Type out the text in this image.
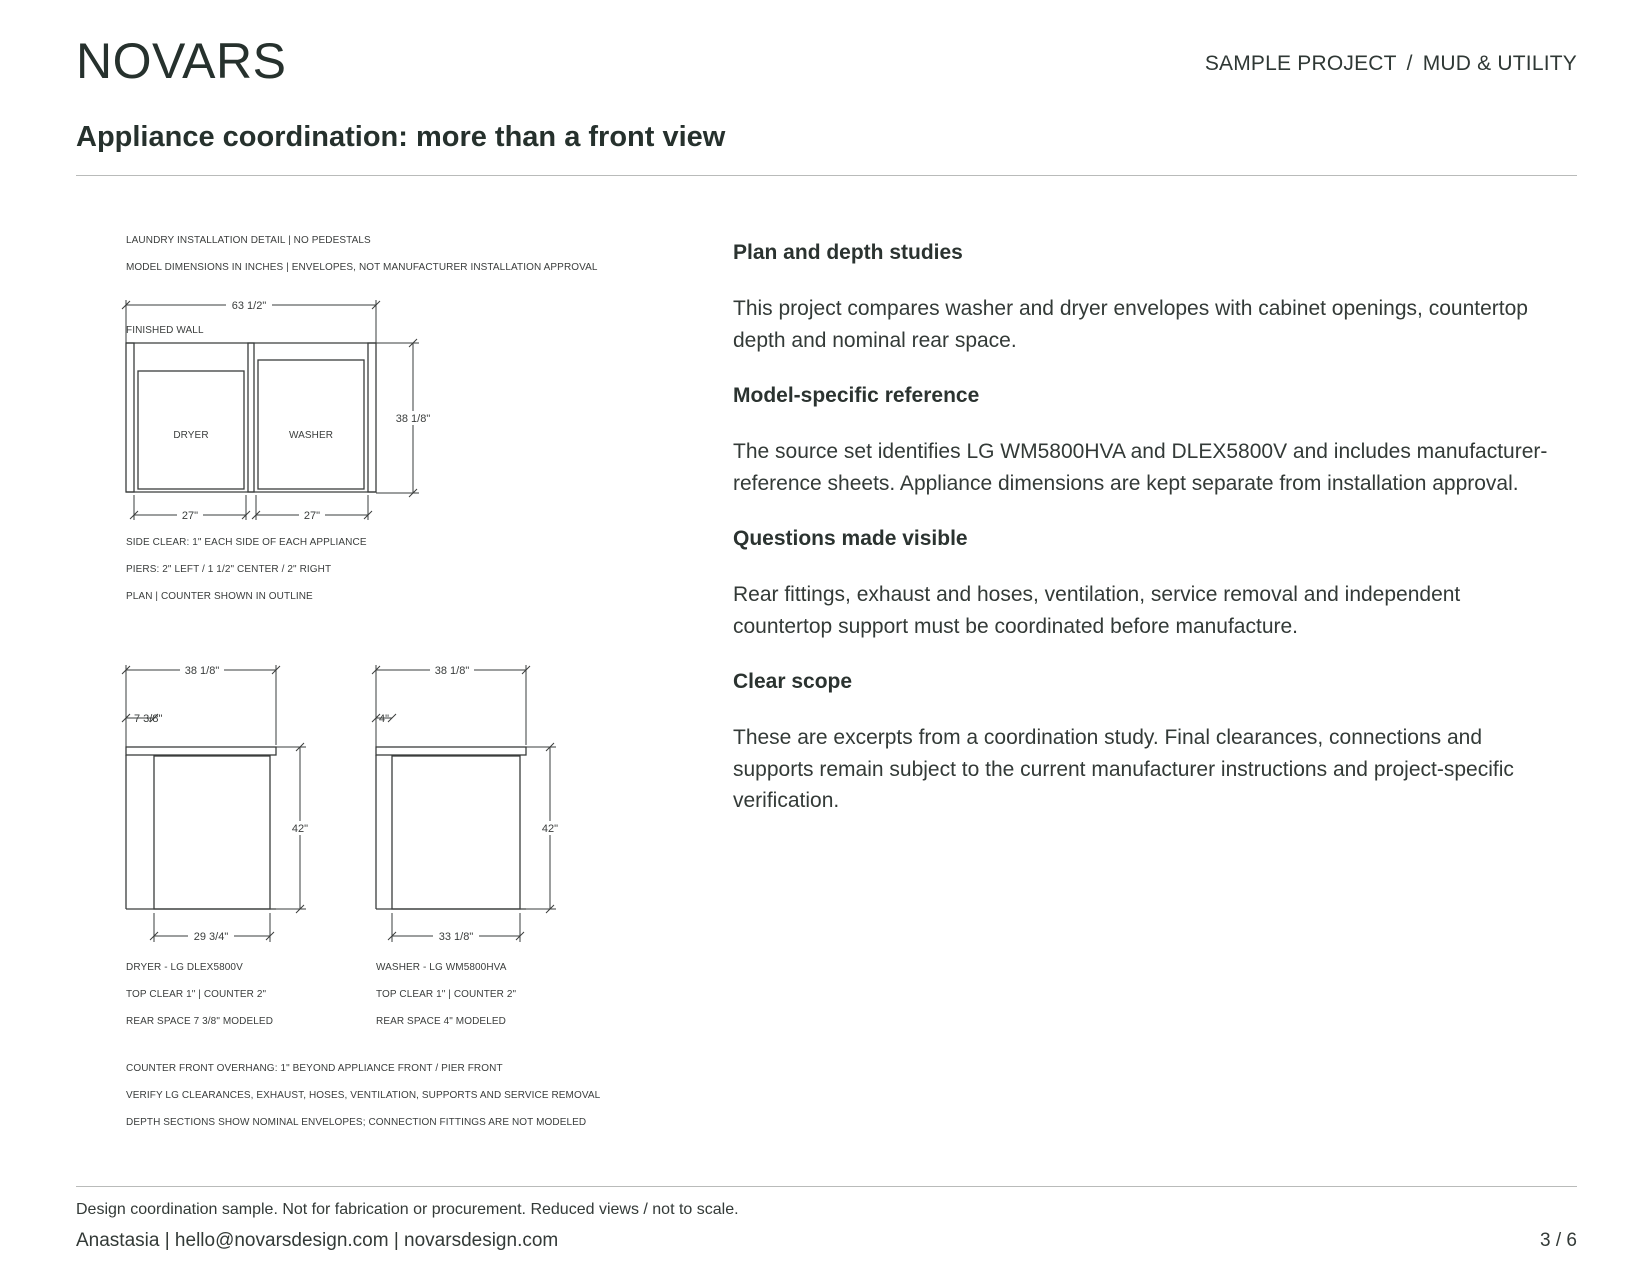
NOVARS	SAMPLE PROJECT / MUD & UTILITY
Appliance coordination: more than a front view
LAUNDRY INSTALLATION DETAIL | NO PEDESTALS
MODEL DIMENSIONS IN INCHES | ENVELOPES, NOT MANUFACTURER INSTALLATION APPROVAL
63 1/2"
FINISHED WALL
DRYER	WASHER
38 1/8"
27"	27"
SIDE CLEAR: 1" EACH SIDE OF EACH APPLIANCE
PIERS: 2" LEFT / 1 1/2" CENTER / 2" RIGHT
PLAN | COUNTER SHOWN IN OUTLINE
38 1/8"
7 3/8"
42"
29 3/4"
DRYER - LG DLEX5800V
TOP CLEAR 1" | COUNTER 2"
REAR SPACE 7 3/8" MODELED
38 1/8"
4"
42"
33 1/8"
WASHER - LG WM5800HVA
TOP CLEAR 1" | COUNTER 2"
REAR SPACE 4" MODELED
COUNTER FRONT OVERHANG: 1" BEYOND APPLIANCE FRONT / PIER FRONT
VERIFY LG CLEARANCES, EXHAUST, HOSES, VENTILATION, SUPPORTS AND SERVICE REMOVAL
DEPTH SECTIONS SHOW NOMINAL ENVELOPES; CONNECTION FITTINGS ARE NOT MODELED
Plan and depth studies

This project compares washer and dryer envelopes with cabinet openings, countertop depth and nominal rear space.

Model-specific reference

The source set identifies LG WM5800HVA and DLEX5800V and includes manufacturer-reference sheets. Appliance dimensions are kept separate from installation approval.

Questions made visible

Rear fittings, exhaust and hoses, ventilation, service removal and independent countertop support must be coordinated before manufacture.

Clear scope

These are excerpts from a coordination study. Final clearances, connections and supports remain subject to the current manufacturer instructions and project-specific verification.

Design coordination sample. Not for fabrication or procurement. Reduced views / not to scale.
Anastasia | hello@novarsdesign.com | novarsdesign.com	3 / 6
